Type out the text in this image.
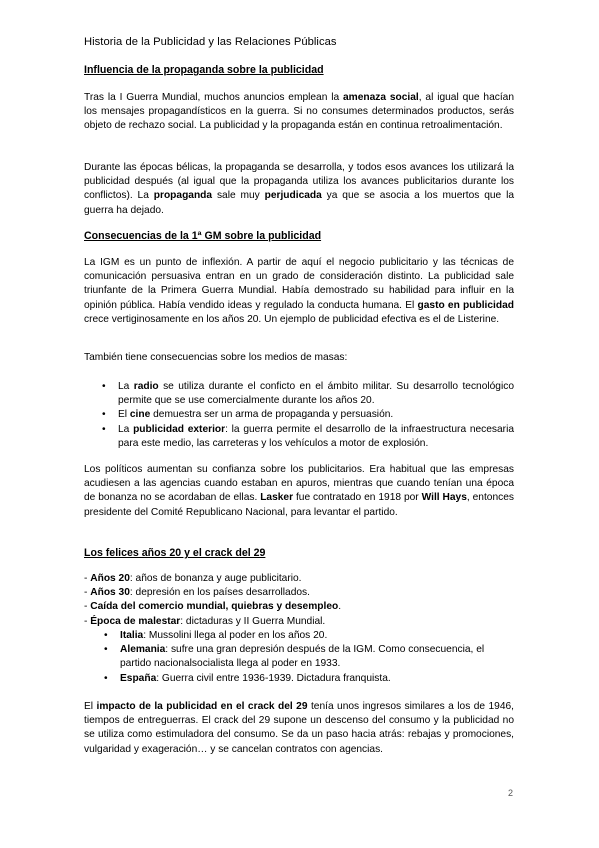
Historia de la Publicidad y las Relaciones Públicas
Influencia de la propaganda sobre la publicidad
Tras la I Guerra Mundial, muchos anuncios emplean la amenaza social, al igual que hacían los mensajes propagandísticos en la guerra. Si no consumes determinados productos, serás objeto de rechazo social. La publicidad y la propaganda están en continua retroalimentación.
Durante las épocas bélicas, la propaganda se desarrolla, y todos esos avances los utilizará la publicidad después (al igual que la propaganda utiliza los avances publicitarios durante los conflictos). La propaganda sale muy perjudicada ya que se asocia a los muertos que la guerra ha dejado.
Consecuencias de la 1ª GM sobre la publicidad
La IGM es un punto de inflexión. A partir de aquí el negocio publicitario y las técnicas de comunicación persuasiva entran en un grado de consideración distinto. La publicidad sale triunfante de la Primera Guerra Mundial. Había demostrado su habilidad para influir en la opinión pública. Había vendido ideas y regulado la conducta humana. El gasto en publicidad crece vertiginosamente en los años 20. Un ejemplo de publicidad efectiva es el de Listerine.
También tiene consecuencias sobre los medios de masas:
• La radio se utiliza durante el conficto en el ámbito militar. Su desarrollo tecnológico permite que se use comercialmente durante los años 20.
• El cine demuestra ser un arma de propaganda y persuasión.
• La publicidad exterior: la guerra permite el desarrollo de la infraestructura necesaria para este medio, las carreteras y los vehículos a motor de explosión.
Los políticos aumentan su confianza sobre los publicitarios. Era habitual que las empresas acudiesen a las agencias cuando estaban en apuros, mientras que cuando tenían una época de bonanza no se acordaban de ellas. Lasker fue contratado en 1918 por Will Hays, entonces presidente del Comité Republicano Nacional, para levantar el partido.
Los felices años 20 y el crack del 29
- Años 20: años de bonanza y auge publicitario.
- Años 30: depresión en los países desarrollados.
- Caída del comercio mundial, quiebras y desempleo.
- Época de malestar: dictaduras y II Guerra Mundial.
• Italia: Mussolini llega al poder en los años 20.
• Alemania: sufre una gran depresión después de la IGM. Como consecuencia, el partido nacionalsocialista llega al poder en 1933.
• España: Guerra civil entre 1936-1939. Dictadura franquista.
El impacto de la publicidad en el crack del 29 tenía unos ingresos similares a los de 1946, tiempos de entreguerras. El crack del 29 supone un descenso del consumo y la publicidad no se utiliza como estimuladora del consumo. Se da un paso hacia atrás: rebajas y promociones, vulgaridad y exageración… y se cancelan contratos con agencias.
2
